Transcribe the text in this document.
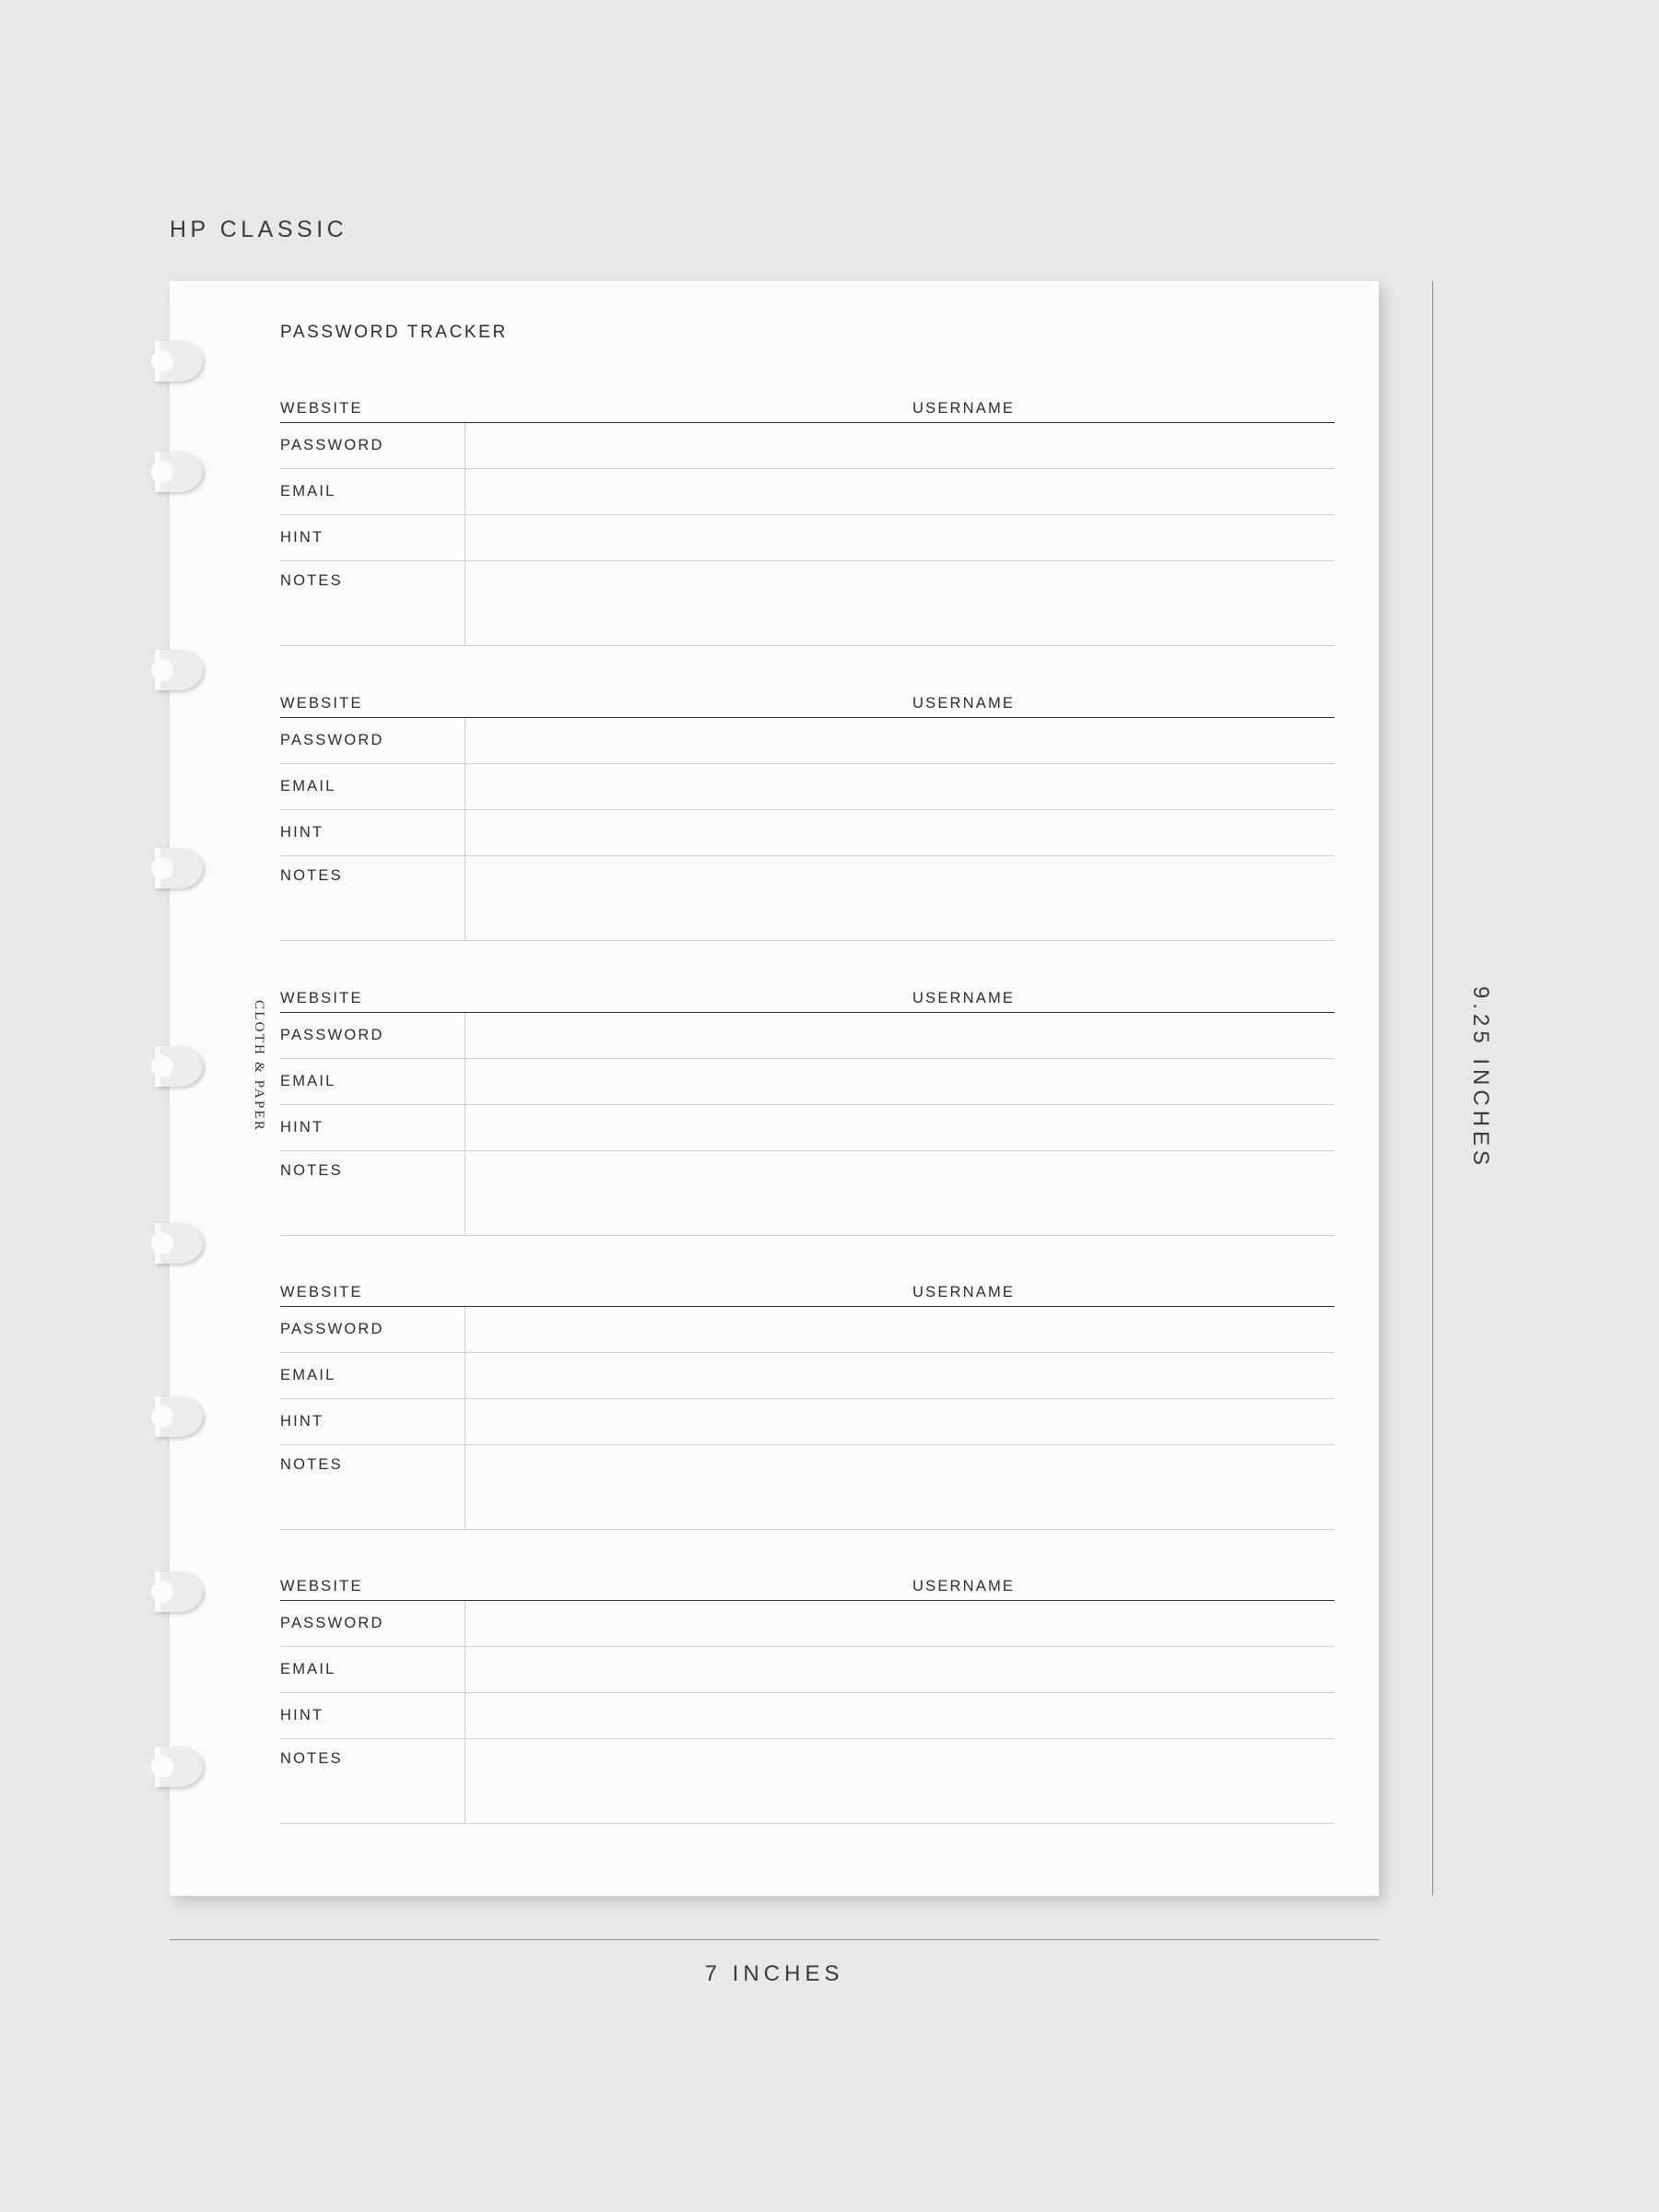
HP CLASSIC
CLOTH & PAPER
PASSWORD TRACKER
WEBSITE	USERNAME
PASSWORD
EMAIL
HINT
NOTES
WEBSITE	USERNAME
PASSWORD
EMAIL
HINT
NOTES
WEBSITE	USERNAME
PASSWORD
EMAIL
HINT
NOTES
WEBSITE	USERNAME
PASSWORD
EMAIL
HINT
NOTES
WEBSITE	USERNAME
PASSWORD
EMAIL
HINT
NOTES
9.25 INCHES
7 INCHES
